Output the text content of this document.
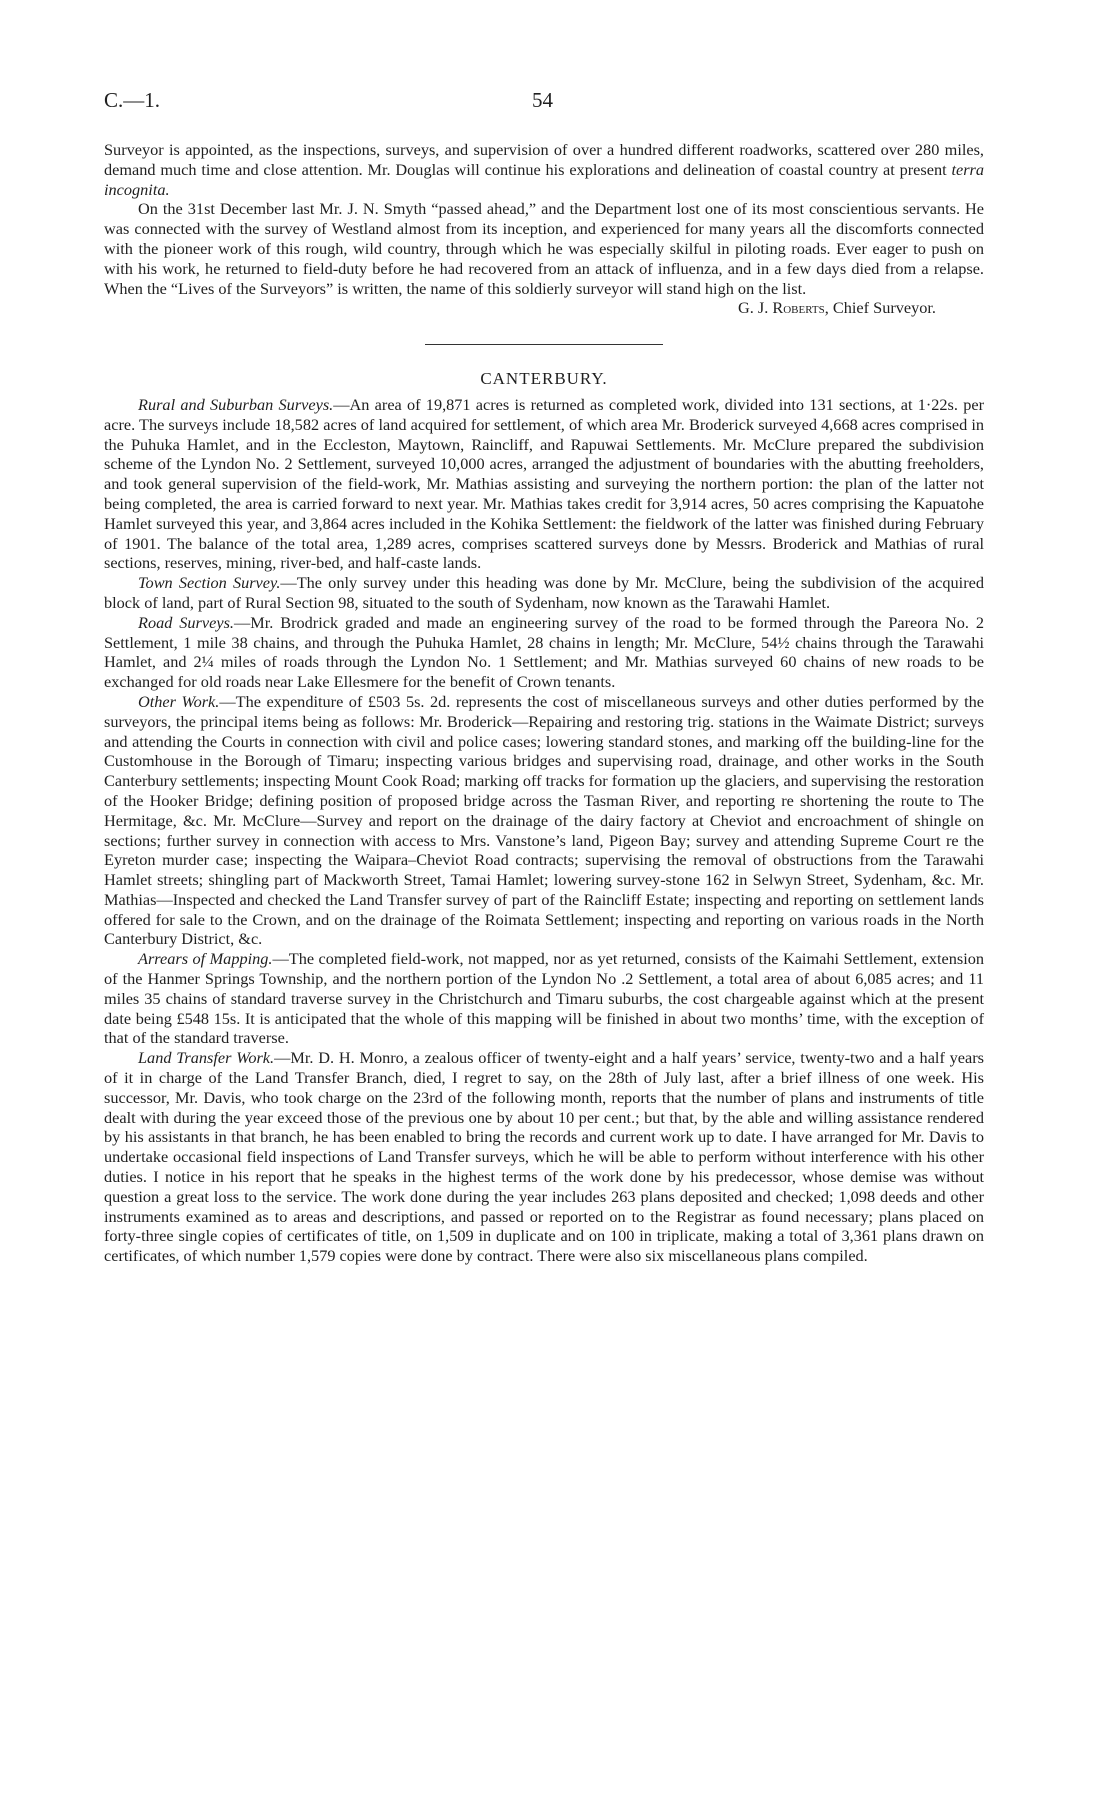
C.—1.	54

Surveyor is appointed, as the inspections, surveys, and supervision of over a hundred different roadworks, scattered over 280 miles, demand much time and close attention. Mr. Douglas will continue his explorations and delineation of coastal country at present terra incognita.

On the 31st December last Mr. J. N. Smyth “passed ahead,” and the Department lost one of its most conscientious servants. He was connected with the survey of Westland almost from its inception, and experienced for many years all the discomforts connected with the pioneer work of this rough, wild country, through which he was especially skilful in piloting roads. Ever eager to push on with his work, he returned to field-duty before he had recovered from an attack of influenza, and in a few days died from a relapse. When the “Lives of the Surveyors” is written, the name of this soldierly surveyor will stand high on the list.

G. J. Roberts, Chief Surveyor.

CANTERBURY.

Rural and Suburban Surveys.—An area of 19,871 acres is returned as completed work, divided into 131 sections, at 1·22s. per acre. The surveys include 18,582 acres of land acquired for settlement, of which area Mr. Broderick surveyed 4,668 acres comprised in the Puhuka Hamlet, and in the Eccleston, Maytown, Raincliff, and Rapuwai Settlements. Mr. McClure prepared the subdivision scheme of the Lyndon No. 2 Settlement, surveyed 10,000 acres, arranged the adjustment of boundaries with the abutting freeholders, and took general supervision of the field-work, Mr. Mathias assisting and surveying the northern portion: the plan of the latter not being completed, the area is carried forward to next year. Mr. Mathias takes credit for 3,914 acres, 50 acres comprising the Kapuatohe Hamlet surveyed this year, and 3,864 acres included in the Kohika Settlement: the fieldwork of the latter was finished during February of 1901. The balance of the total area, 1,289 acres, comprises scattered surveys done by Messrs. Broderick and Mathias of rural sections, reserves, mining, river-bed, and half-caste lands.

Town Section Survey.—The only survey under this heading was done by Mr. McClure, being the subdivision of the acquired block of land, part of Rural Section 98, situated to the south of Sydenham, now known as the Tarawahi Hamlet.

Road Surveys.—Mr. Brodrick graded and made an engineering survey of the road to be formed through the Pareora No. 2 Settlement, 1 mile 38 chains, and through the Puhuka Hamlet, 28 chains in length; Mr. McClure, 54½ chains through the Tarawahi Hamlet, and 2¼ miles of roads through the Lyndon No. 1 Settlement; and Mr. Mathias surveyed 60 chains of new roads to be exchanged for old roads near Lake Ellesmere for the benefit of Crown tenants.

Other Work.—The expenditure of £503 5s. 2d. represents the cost of miscellaneous surveys and other duties performed by the surveyors, the principal items being as follows: Mr. Broderick—Repairing and restoring trig. stations in the Waimate District; surveys and attending the Courts in connection with civil and police cases; lowering standard stones, and marking off the building-line for the Customhouse in the Borough of Timaru; inspecting various bridges and supervising road, drainage, and other works in the South Canterbury settlements; inspecting Mount Cook Road; marking off tracks for formation up the glaciers, and supervising the restoration of the Hooker Bridge; defining position of proposed bridge across the Tasman River, and reporting re shortening the route to The Hermitage, &c. Mr. McClure—Survey and report on the drainage of the dairy factory at Cheviot and encroachment of shingle on sections; further survey in connection with access to Mrs. Vanstone’s land, Pigeon Bay; survey and attending Supreme Court re the Eyreton murder case; inspecting the Waipara–Cheviot Road contracts; supervising the removal of obstructions from the Tarawahi Hamlet streets; shingling part of Mackworth Street, Tamai Hamlet; lowering survey-stone 162 in Selwyn Street, Sydenham, &c. Mr. Mathias—Inspected and checked the Land Transfer survey of part of the Raincliff Estate; inspecting and reporting on settlement lands offered for sale to the Crown, and on the drainage of the Roimata Settlement; inspecting and reporting on various roads in the North Canterbury District, &c.

Arrears of Mapping.—The completed field-work, not mapped, nor as yet returned, consists of the Kaimahi Settlement, extension of the Hanmer Springs Township, and the northern portion of the Lyndon No .2 Settlement, a total area of about 6,085 acres; and 11 miles 35 chains of standard traverse survey in the Christchurch and Timaru suburbs, the cost chargeable against which at the present date being £548 15s. It is anticipated that the whole of this mapping will be finished in about two months’ time, with the exception of that of the standard traverse.

Land Transfer Work.—Mr. D. H. Monro, a zealous officer of twenty-eight and a half years’ service, twenty-two and a half years of it in charge of the Land Transfer Branch, died, I regret to say, on the 28th of July last, after a brief illness of one week. His successor, Mr. Davis, who took charge on the 23rd of the following month, reports that the number of plans and instruments of title dealt with during the year exceed those of the previous one by about 10 per cent.; but that, by the able and willing assistance rendered by his assistants in that branch, he has been enabled to bring the records and current work up to date. I have arranged for Mr. Davis to undertake occasional field inspections of Land Transfer surveys, which he will be able to perform without interference with his other duties. I notice in his report that he speaks in the highest terms of the work done by his predecessor, whose demise was without question a great loss to the service. The work done during the year includes 263 plans deposited and checked; 1,098 deeds and other instruments examined as to areas and descriptions, and passed or reported on to the Registrar as found necessary; plans placed on forty-three single copies of certificates of title, on 1,509 in duplicate and on 100 in triplicate, making a total of 3,361 plans drawn on certificates, of which number 1,579 copies were done by contract. There were also six miscellaneous plans compiled.
